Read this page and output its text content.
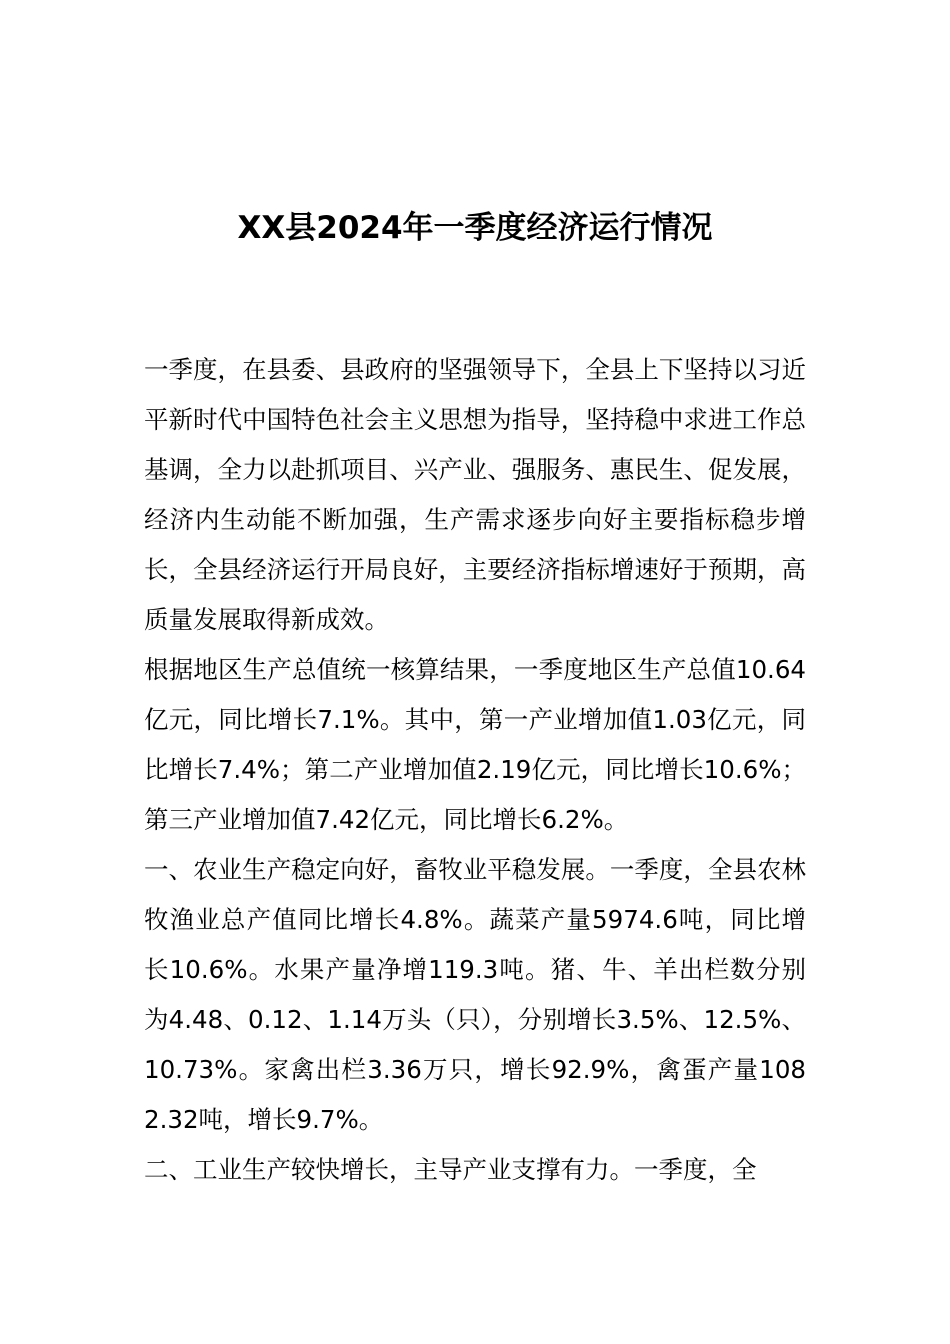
XX县2024年一季度经济运行情况

一季度，在县委、县政府的坚强领导下，全县上下坚持以习近平新时代中国特色社会主义思想为指导，坚持稳中求进工作总基调，全力以赴抓项目、兴产业、强服务、惠民生、促发展，经济内生动能不断加强，生产需求逐步向好主要指标稳步增长，全县经济运行开局良好，主要经济指标增速好于预期，高质量发展取得新成效。

根据地区生产总值统一核算结果，一季度地区生产总值10.64亿元，同比增长7.1%。其中，第一产业增加值1.03亿元，同比增长7.4%；第二产业增加值2.19亿元，同比增长10.6%；第三产业增加值7.42亿元，同比增长6.2%。

一、农业生产稳定向好，畜牧业平稳发展。一季度，全县农林牧渔业总产值同比增长4.8%。蔬菜产量5974.6吨，同比增长10.6%。水果产量净增119.3吨。猪、牛、羊出栏数分别为4.48、0.12、1.14万头（只），分别增长3.5%、12.5%、10.73%。家禽出栏3.36万只，增长92.9%，禽蛋产量1082.32吨，增长9.7%。

二、工业生产较快增长，主导产业支撑有力。一季度，全
